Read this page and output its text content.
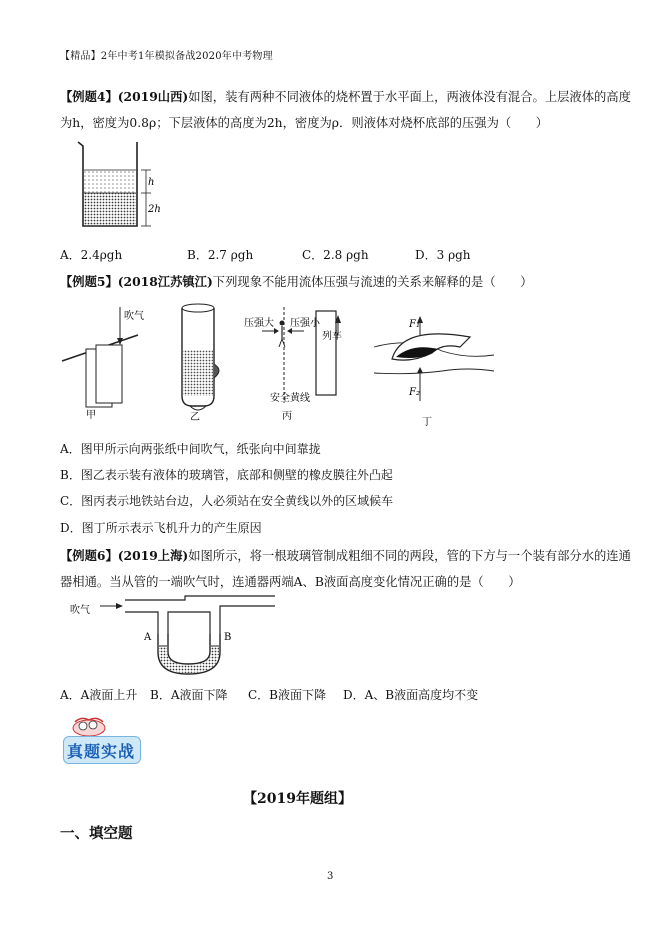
【精品】2年中考1年模拟备战2020年中考物理
【例题4】(2019山西)如图，装有两种不同液体的烧杯置于水平面上，两液体没有混合。上层液体的高度
为h，密度为0.8ρ；下层液体的高度为2h，密度为ρ．则液体对烧杯底部的压强为（　　）
h
2h
A．2.4ρgh	B．2.7 ρgh	C．2.8 ρgh	D．3 ρgh
【例题5】(2018江苏镇江)下列现象不能用流体压强与流速的关系来解释的是（　　）
吹气
甲	乙
压强大 压强小
列车
安全黄线
丙
F₁
F₂
丁
A．图甲所示向两张纸中间吹气，纸张向中间靠拢
B．图乙表示装有液体的玻璃管，底部和侧壁的橡皮膜往外凸起
C．图丙表示地铁站台边，人必须站在安全黄线以外的区域候车
D．图丁所示表示飞机升力的产生原因
【例题6】(2019上海)如图所示，将一根玻璃管制成粗细不同的两段，管的下方与一个装有部分水的连通
器相通。当从管的一端吹气时，连通器两端A、B液面高度变化情况正确的是（　　）
吹气
A	B
A．A液面上升 B．A液面下降 C．B液面下降 D．A、B液面高度均不变
真题实战
【2019年题组】
一、填空题
3
